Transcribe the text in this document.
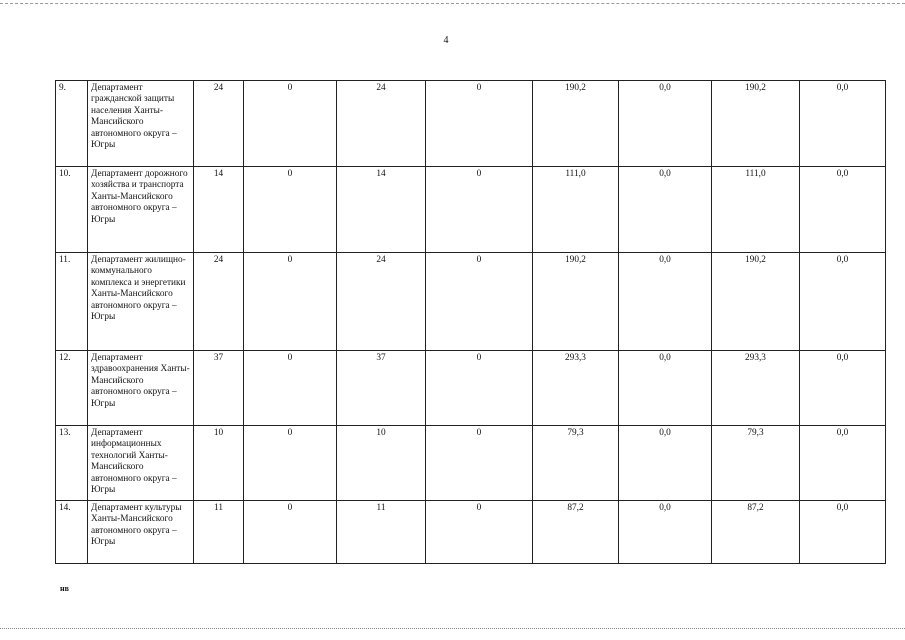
4
9.	Департамент гражданской защиты населения Ханты-Мансийского автономного округа – Югры	24	0	24	0	190,2	0,0	190,2	0,0
10.	Департамент дорожного хозяйства и транспорта Ханты-Мансийского автономного округа – Югры	14	0	14	0	111,0	0,0	111,0	0,0
11.	Департамент жилищно-коммунального комплекса и энергетики Ханты-Мансийского автономного округа – Югры	24	0	24	0	190,2	0,0	190,2	0,0
12.	Департамент здравоохранения Ханты-Мансийского автономного округа – Югры	37	0	37	0	293,3	0,0	293,3	0,0
13.	Департамент информационных технологий Ханты-Мансийского автономного округа – Югры	10	0	10	0	79,3	0,0	79,3	0,0
14.	Департамент культуры Ханты-Мансийского автономного округа – Югры	11	0	11	0	87,2	0,0	87,2	0,0
нв
